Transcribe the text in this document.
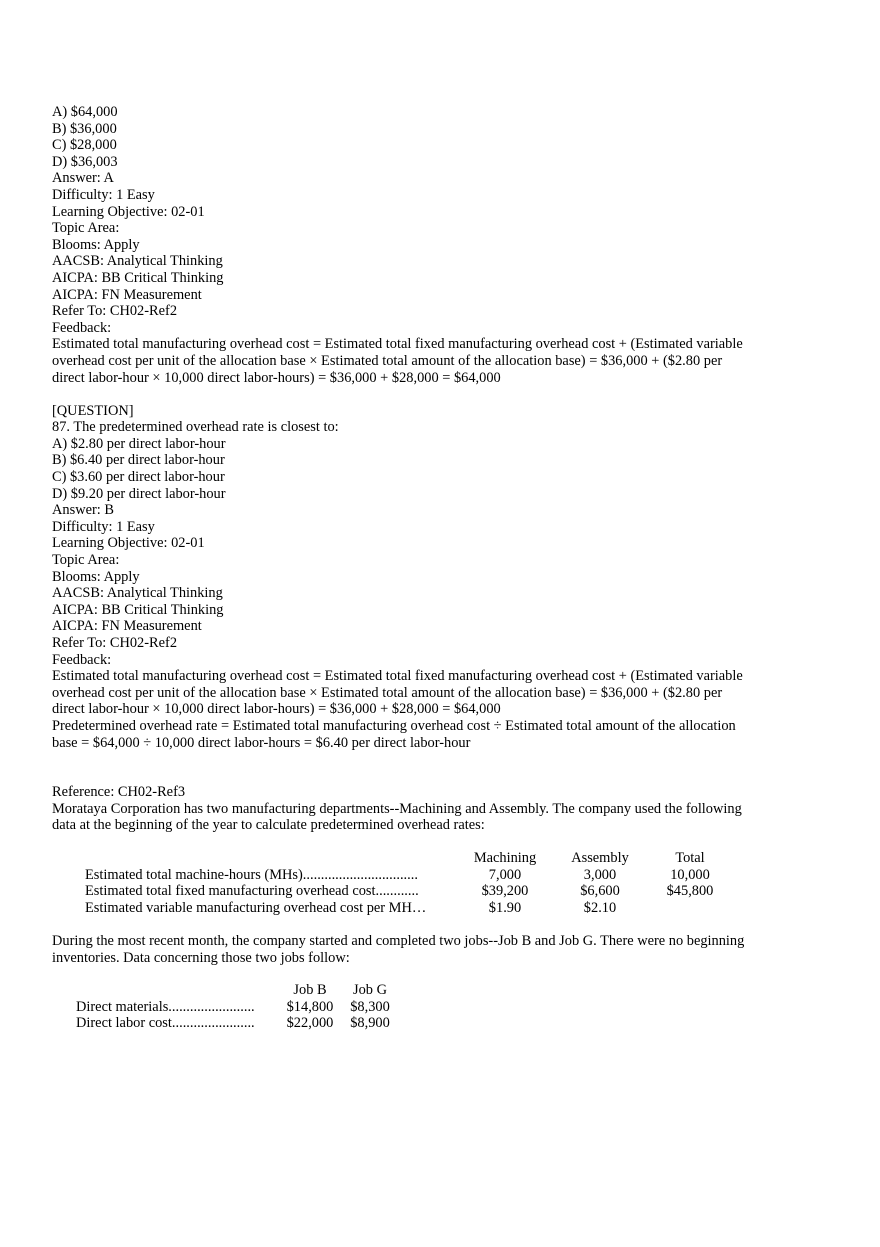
A) $64,000
B) $36,000
C) $28,000
D) $36,003
Answer: A
Difficulty: 1 Easy
Learning Objective: 02-01
Topic Area:
Blooms: Apply
AACSB: Analytical Thinking
AICPA: BB Critical Thinking
AICPA: FN Measurement
Refer To: CH02-Ref2
Feedback:
Estimated total manufacturing overhead cost = Estimated total fixed manufacturing overhead cost + (Estimated variable overhead cost per unit of the allocation base × Estimated total amount of the allocation base) = $36,000 + ($2.80 per direct labor-hour × 10,000 direct labor-hours) = $36,000 + $28,000 = $64,000
[QUESTION]
87. The predetermined overhead rate is closest to:
A) $2.80 per direct labor-hour
B) $6.40 per direct labor-hour
C) $3.60 per direct labor-hour
D) $9.20 per direct labor-hour
Answer: B
Difficulty: 1 Easy
Learning Objective: 02-01
Topic Area:
Blooms: Apply
AACSB: Analytical Thinking
AICPA: BB Critical Thinking
AICPA: FN Measurement
Refer To: CH02-Ref2
Feedback:
Estimated total manufacturing overhead cost = Estimated total fixed manufacturing overhead cost + (Estimated variable overhead cost per unit of the allocation base × Estimated total amount of the allocation base) = $36,000 + ($2.80 per direct labor-hour × 10,000 direct labor-hours) = $36,000 + $28,000 = $64,000
Predetermined overhead rate = Estimated total manufacturing overhead cost ÷ Estimated total amount of the allocation base = $64,000 ÷ 10,000 direct labor-hours = $6.40 per direct labor-hour
Reference: CH02-Ref3
Morataya Corporation has two manufacturing departments--Machining and Assembly. The company used the following data at the beginning of the year to calculate predetermined overhead rates:
	Machining	Assembly	Total
Estimated total machine-hours (MHs)................................	7,000	3,000	10,000
Estimated total fixed manufacturing overhead cost............	$39,200	$6,600	$45,800
Estimated variable manufacturing overhead cost per MH…	$1.90	$2.10	
During the most recent month, the company started and completed two jobs--Job B and Job G. There were no beginning inventories. Data concerning those two jobs follow:
	Job B	Job G
Direct materials........................	$14,800	$8,300
Direct labor cost.......................	$22,000	$8,900
